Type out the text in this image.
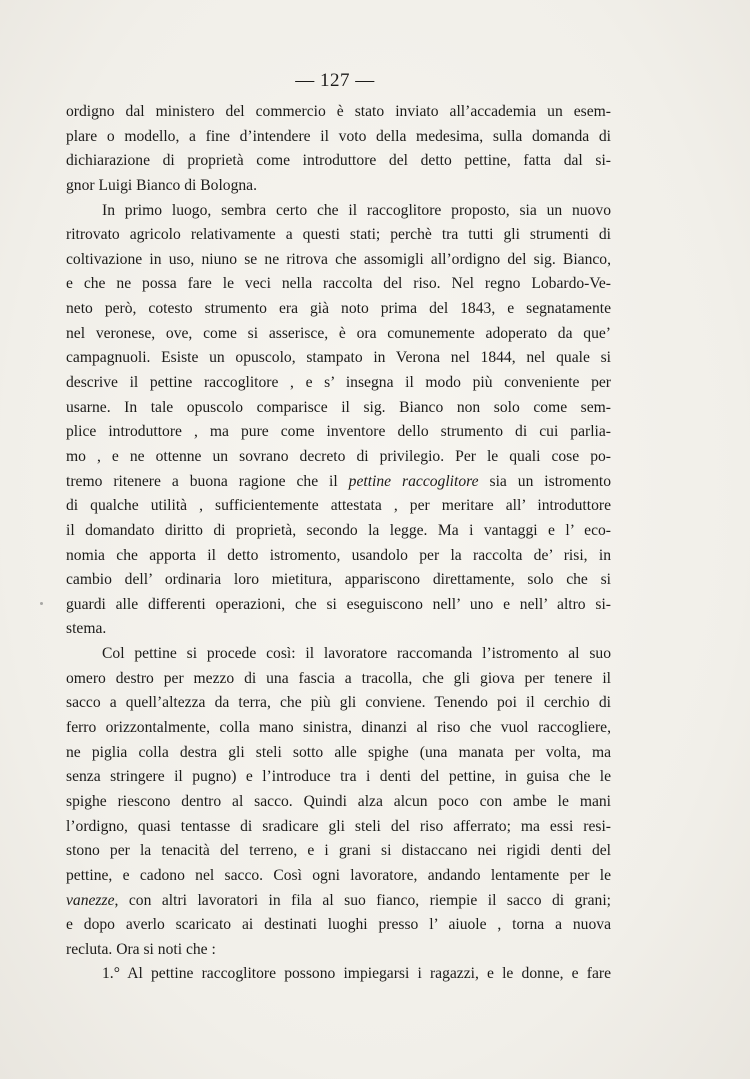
— 127 —
ordigno dal ministero del commercio è stato inviato all’accademia un esem-
plare o modello, a fine d’intendere il voto della medesima, sulla domanda di
dichiarazione di proprietà come introduttore del detto pettine, fatta dal si-
gnor Luigi Bianco di Bologna.
In primo luogo, sembra certo che il raccoglitore proposto, sia un nuovo
ritrovato agricolo relativamente a questi stati; perchè tra tutti gli strumenti di
coltivazione in uso, niuno se ne ritrova che assomigli all’ordigno del sig. Bianco,
e che ne possa fare le veci nella raccolta del riso. Nel regno Lobardo-Ve-
neto però, cotesto strumento era già noto prima del 1843, e segnatamente
nel veronese, ove, come si asserisce, è ora comunemente adoperato da que’
campagnuoli. Esiste un opuscolo, stampato in Verona nel 1844, nel quale si
descrive il pettine raccoglitore , e s’ insegna il modo più conveniente per
usarne. In tale opuscolo comparisce il sig. Bianco non solo come sem-
plice introduttore , ma pure come inventore dello strumento di cui parlia-
mo , e ne ottenne un sovrano decreto di privilegio. Per le quali cose po-
tremo ritenere a buona ragione che il pettine raccoglitore sia un istromento
di qualche utilità , sufficientemente attestata , per meritare all’ introduttore
il domandato diritto di proprietà, secondo la legge. Ma i vantaggi e l’ eco-
nomia che apporta il detto istromento, usandolo per la raccolta de’ risi, in
cambio dell’ ordinaria loro mietitura, appariscono direttamente, solo che si
guardi alle differenti operazioni, che si eseguiscono nell’ uno e nell’ altro si-
stema.
Col pettine si procede così: il lavoratore raccomanda l’istromento al suo
omero destro per mezzo di una fascia a tracolla, che gli giova per tenere il
sacco a quell’altezza da terra, che più gli conviene. Tenendo poi il cerchio di
ferro orizzontalmente, colla mano sinistra, dinanzi al riso che vuol raccogliere,
ne piglia colla destra gli steli sotto alle spighe (una manata per volta, ma
senza stringere il pugno) e l’introduce tra i denti del pettine, in guisa che le
spighe riescono dentro al sacco. Quindi alza alcun poco con ambe le mani
l’ordigno, quasi tentasse di sradicare gli steli del riso afferrato; ma essi resi-
stono per la tenacità del terreno, e i grani si distaccano nei rigidi denti del
pettine, e cadono nel sacco. Così ogni lavoratore, andando lentamente per le
vanezze, con altri lavoratori in fila al suo fianco, riempie il sacco di grani;
e dopo averlo scaricato ai destinati luoghi presso l’ aiuole , torna a nuova
recluta. Ora si noti che :
1.° Al pettine raccoglitore possono impiegarsi i ragazzi, e le donne, e fare
